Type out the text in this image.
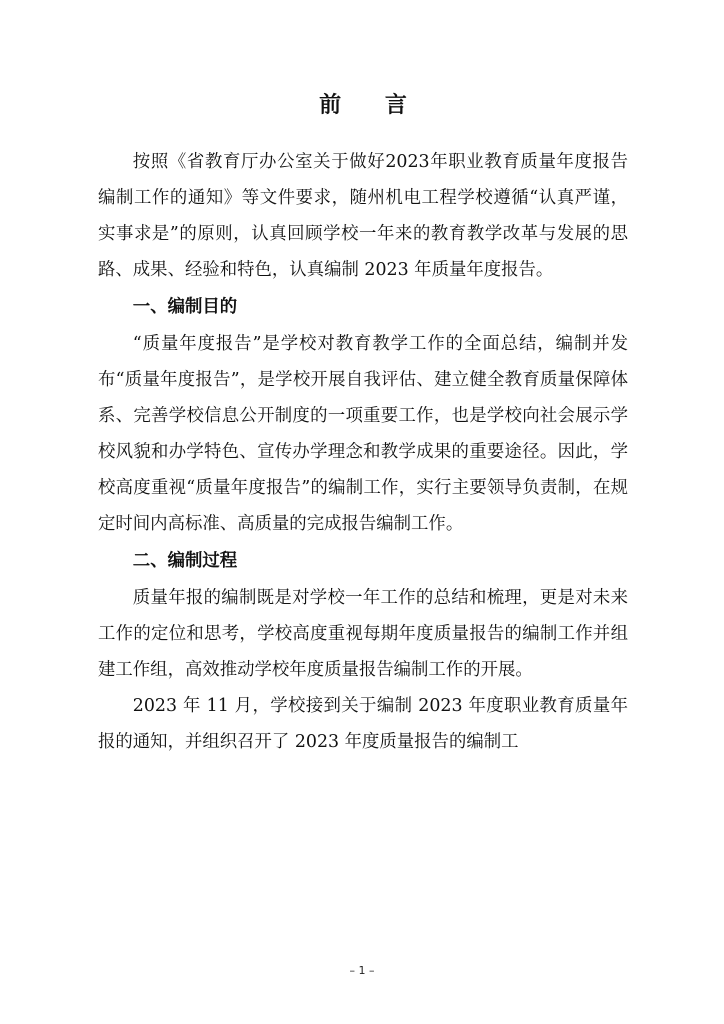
前 言

按照《省教育厅办公室关于做好2023年职业教育质量年度报告编制工作的通知》等文件要求，随州机电工程学校遵循“认真严谨，实事求是”的原则，认真回顾学校一年来的教育教学改革与发展的思路、成果、经验和特色，认真编制 2023 年质量年度报告。

一、编制目的

“质量年度报告”是学校对教育教学工作的全面总结，编制并发布“质量年度报告”，是学校开展自我评估、建立健全教育质量保障体系、完善学校信息公开制度的一项重要工作，也是学校向社会展示学校风貌和办学特色、宣传办学理念和教学成果的重要途径。因此，学校高度重视“质量年度报告”的编制工作，实行主要领导负责制，在规定时间内高标准、高质量的完成报告编制工作。

二、编制过程

质量年报的编制既是对学校一年工作的总结和梳理，更是对未来工作的定位和思考，学校高度重视每期年度质量报告的编制工作并组建工作组，高效推动学校年度质量报告编制工作的开展。

2023 年 11 月，学校接到关于编制 2023 年度职业教育质量年报的通知，并组织召开了 2023 年度质量报告的编制工

– 1 –
